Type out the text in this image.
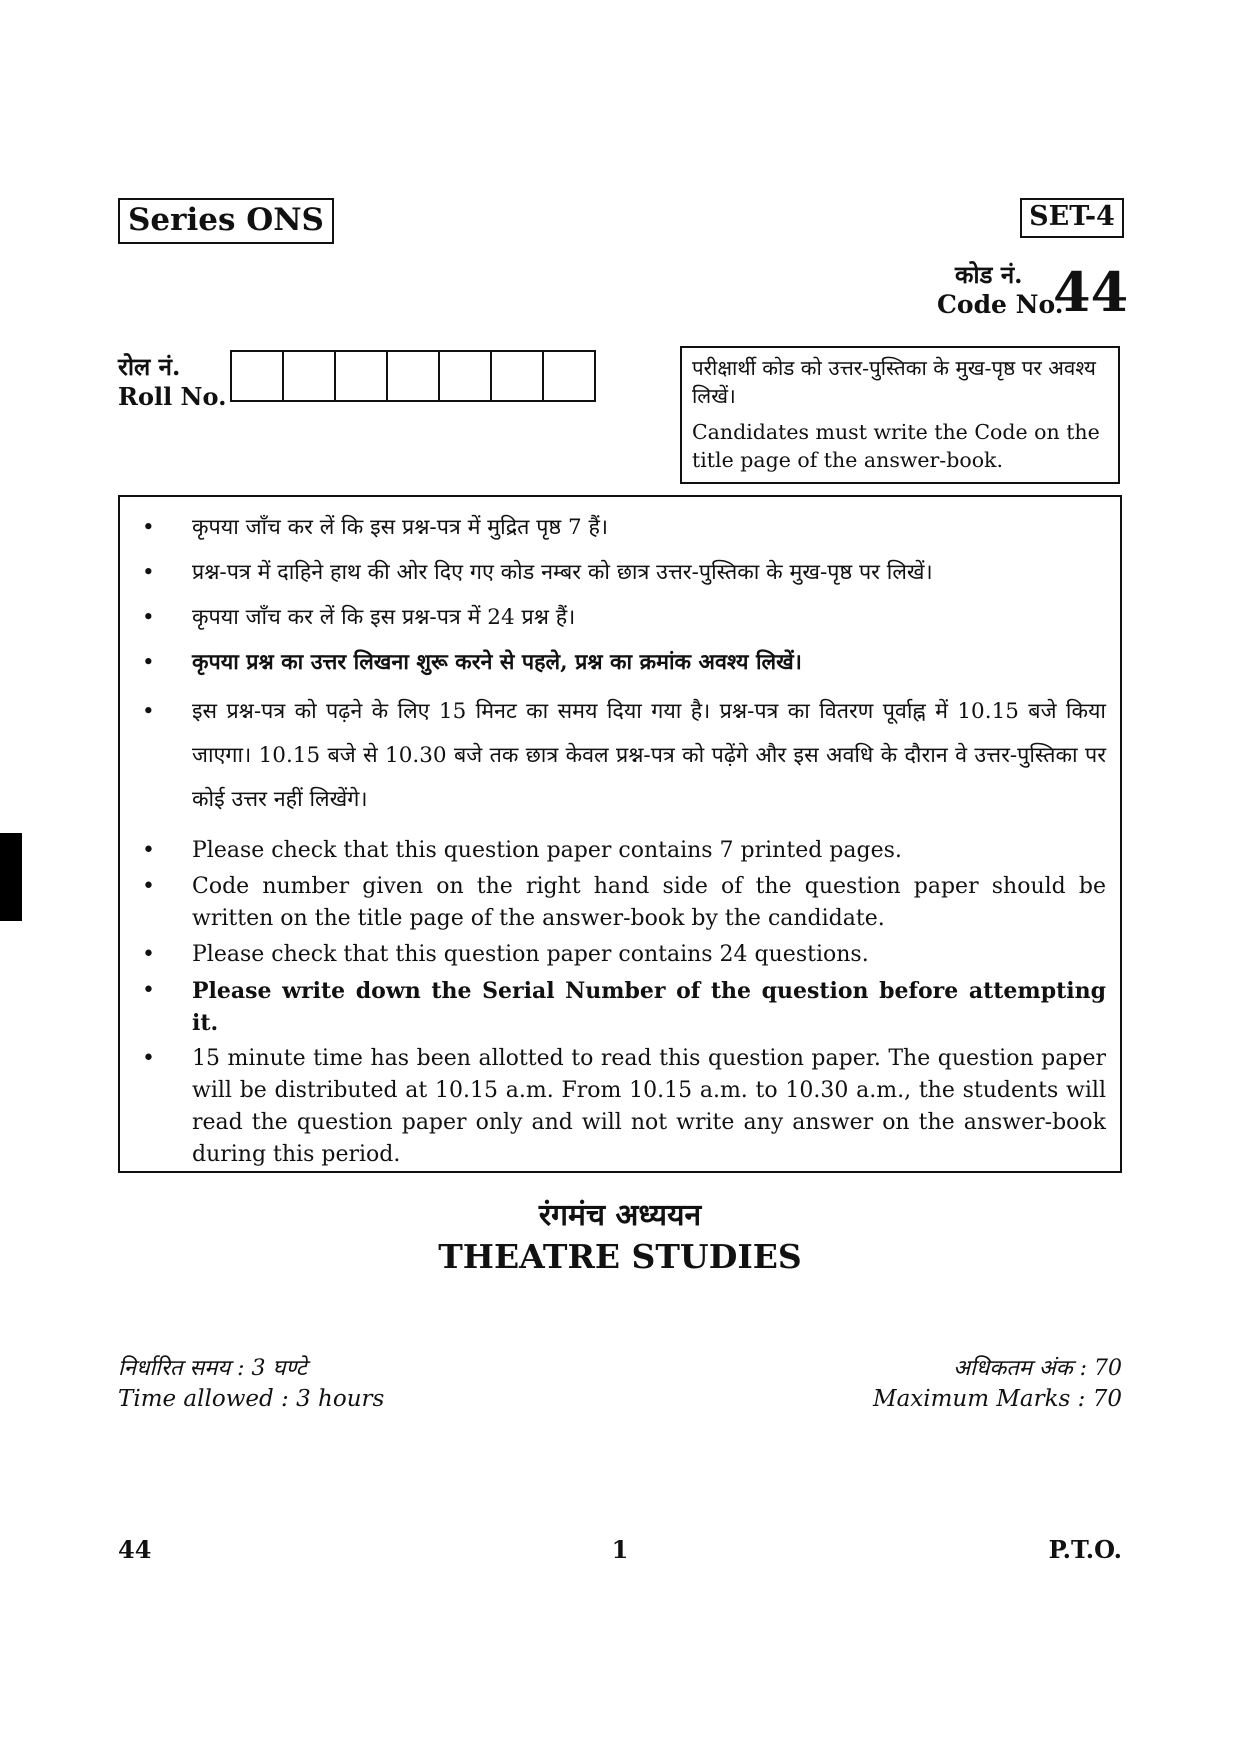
Series ONS	SET-4
कोड नं.
Code No.
44
रोल नं.
Roll No.
परीक्षार्थी कोड को उत्तर-पुस्तिका के मुख-पृष्ठ पर अवश्य लिखें।
Candidates must write the Code on the title page of the answer-book.
•	कृपया जाँच कर लें कि इस प्रश्न-पत्र में मुद्रित पृष्ठ 7 हैं।
•	प्रश्न-पत्र में दाहिने हाथ की ओर दिए गए कोड नम्बर को छात्र उत्तर-पुस्तिका के मुख-पृष्ठ पर लिखें।
•	कृपया जाँच कर लें कि इस प्रश्न-पत्र में 24 प्रश्न हैं।
•	कृपया प्रश्न का उत्तर लिखना शुरू करने से पहले, प्रश्न का क्रमांक अवश्य लिखें।
•	इस प्रश्न-पत्र को पढ़ने के लिए 15 मिनट का समय दिया गया है। प्रश्न-पत्र का वितरण पूर्वाह्न में 10.15 बजे किया जाएगा। 10.15 बजे से 10.30 बजे तक छात्र केवल प्रश्न-पत्र को पढ़ेंगे और इस अवधि के दौरान वे उत्तर-पुस्तिका पर कोई उत्तर नहीं लिखेंगे।
•	Please check that this question paper contains 7 printed pages.
•	Code number given on the right hand side of the question paper should be written on the title page of the answer-book by the candidate.
•	Please check that this question paper contains 24 questions.
•	Please write down the Serial Number of the question before attempting it.
•	15 minute time has been allotted to read this question paper. The question paper will be distributed at 10.15 a.m. From 10.15 a.m. to 10.30 a.m., the students will read the question paper only and will not write any answer on the answer-book during this period.
रंगमंच अध्ययन
THEATRE STUDIES
निर्धारित समय : 3 घण्टे
Time allowed : 3 hours
अधिकतम अंक : 70
Maximum Marks : 70
44	1	P.T.O.
